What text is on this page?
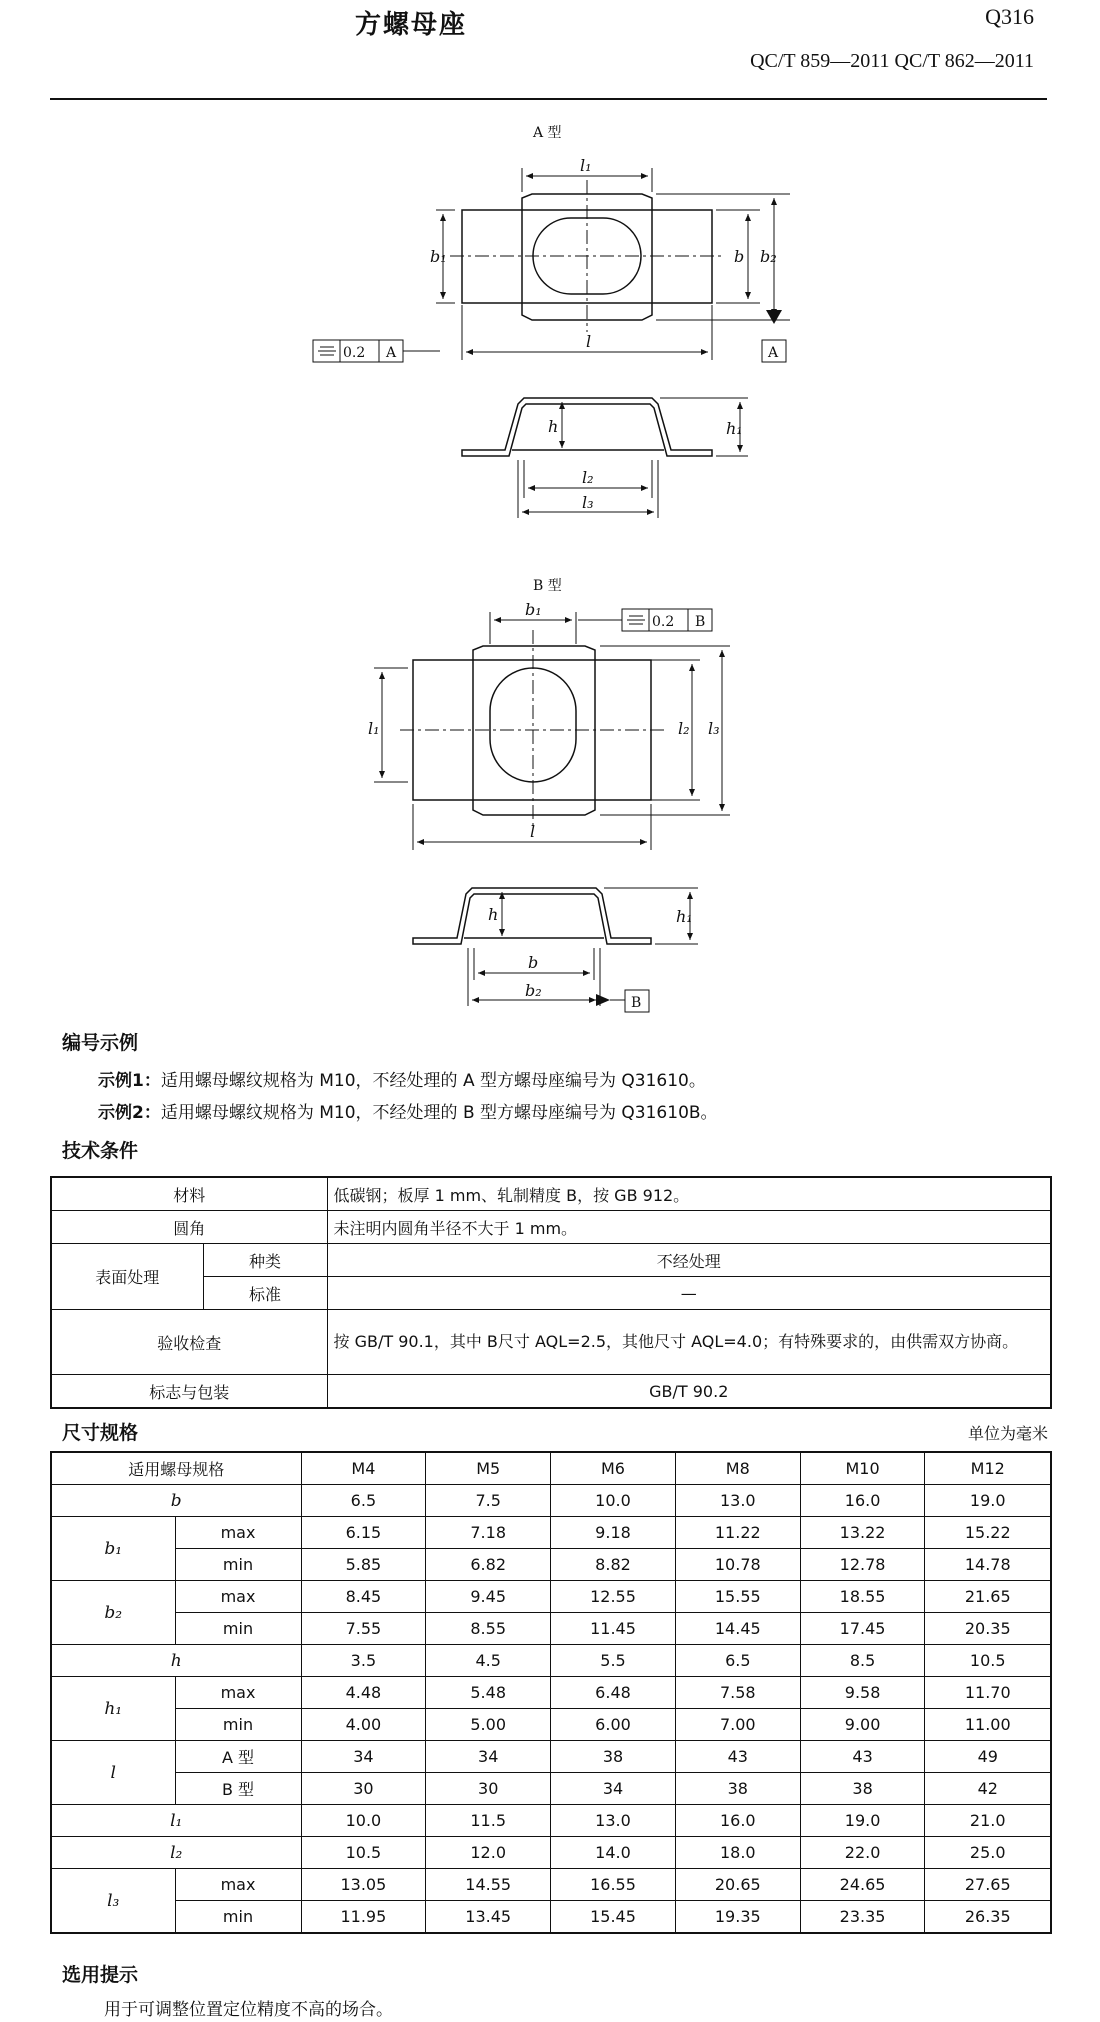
方螺母座	Q316
QC/T 859—2011 QC/T 862—2011
A 型
l₁
l
b₁	b b₂
0.2 A	A
h	h₁
l₂
l₃
B 型
b₁
l
l₁	l₂ l₃
0.2 B
h	h₁
b
b₂
B
编号示例
示例1：适用螺母螺纹规格为 M10，不经处理的 A 型方螺母座编号为 Q31610。
示例2：适用螺母螺纹规格为 M10，不经处理的 B 型方螺母座编号为 Q31610B。
技术条件
材料		低碳钢；板厚 1 mm、轧制精度 B，按 GB 912。
圆角		未注明内圆角半径不大于 1 mm。
表面处理	种类	不经处理
	标准	—
验收检查		按 GB/T 90.1，其中 B尺寸 AQL=2.5，其他尺寸 AQL=4.0；有特殊要求的，由供需双方协商。
标志与包装		GB/T 90.2
尺寸规格	单位为毫米
适用螺母规格		M4	M5	M6	M8	M10	M12
b		6.5	7.5	10.0	13.0	16.0	19.0
b₁	max	6.15	7.18	9.18	11.22	13.22	15.22
	min	5.85	6.82	8.82	10.78	12.78	14.78
b₂	max	8.45	9.45	12.55	15.55	18.55	21.65
	min	7.55	8.55	11.45	14.45	17.45	20.35
h		3.5	4.5	5.5	6.5	8.5	10.5
h₁	max	4.48	5.48	6.48	7.58	9.58	11.70
	min	4.00	5.00	6.00	7.00	9.00	11.00
l	A 型	34	34	38	43	43	49
	B 型	30	30	34	38	38	42
l₁		10.0	11.5	13.0	16.0	19.0	21.0
l₂		10.5	12.0	14.0	18.0	22.0	25.0
l₃	max	13.05	14.55	16.55	20.65	24.65	27.65
	min	11.95	13.45	15.45	19.35	23.35	26.35
选用提示
用于可调整位置定位精度不高的场合。
